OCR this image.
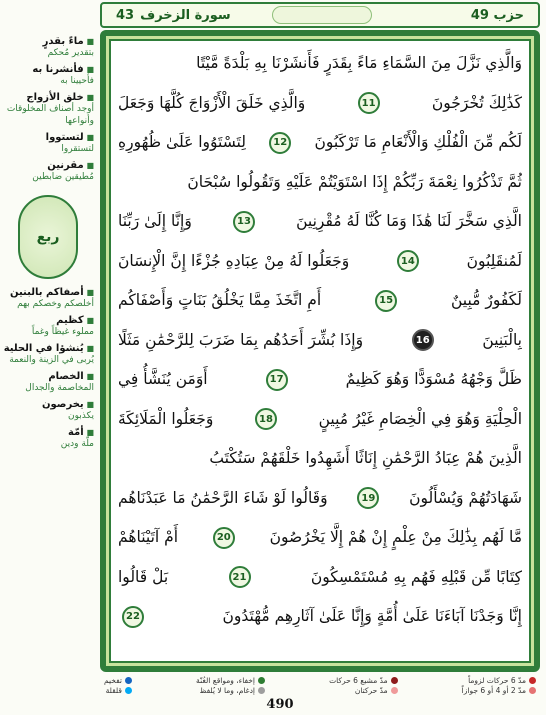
حزب 49
سورة الزخرف
43
■ ماءً بقدرٍ
بتقدير مُحكم
■ فأنشرنا به
فأحيينا به
■ خلق الأزواج
أوجد أصناف المخلوقات وأنواعها
■ لتستووا
لتستقروا
■ مقرنين
مُطيقين ضابطين
ربع
■ أصفاكم بالبنين
أخلصكم وخصكم بهم
■ كظيم
مملوء غيظاً وغماً
■ يُنشؤا في الحلية
يُربى في الزينة والنعمة
■ الخصام
المخاصمة والجدال
■ يخرصون
يكذبون
■ أمّة
ملّة ودين
وَالَّذِي نَزَّلَ مِنَ السَّمَاءِ مَاءً بِقَدَرٍ فَأَنشَرْنَا بِهِ بَلْدَةً مَّيْتًا
كَذَٰلِكَ تُخْرَجُونَ
11
وَالَّذِي خَلَقَ الْأَزْوَاجَ كُلَّهَا وَجَعَلَ
لَكُم مِّنَ الْفُلْكِ وَالْأَنْعَامِ مَا تَرْكَبُونَ
12
لِتَسْتَوُوا عَلَىٰ ظُهُورِهِ
ثُمَّ تَذْكُرُوا نِعْمَةَ رَبِّكُمْ إِذَا اسْتَوَيْتُمْ عَلَيْهِ وَتَقُولُوا سُبْحَانَ
الَّذِي سَخَّرَ لَنَا هَٰذَا وَمَا كُنَّا لَهُ مُقْرِنِينَ
13
وَإِنَّا إِلَىٰ رَبِّنَا
لَمُنقَلِبُونَ
14
وَجَعَلُوا لَهُ مِنْ عِبَادِهِ جُزْءًا إِنَّ الْإِنسَانَ
لَكَفُورٌ مُّبِينٌ
15
أَمِ اتَّخَذَ مِمَّا يَخْلُقُ بَنَاتٍ وَأَصْفَاكُم
بِالْبَنِينَ
16
وَإِذَا بُشِّرَ أَحَدُهُم بِمَا ضَرَبَ لِلرَّحْمَٰنِ مَثَلًا
ظَلَّ وَجْهُهُ مُسْوَدًّا وَهُوَ كَظِيمٌ
17
أَوَمَن يُنَشَّأُ فِي
الْحِلْيَةِ وَهُوَ فِي الْخِصَامِ غَيْرُ مُبِينٍ
18
وَجَعَلُوا الْمَلَائِكَةَ
الَّذِينَ هُمْ عِبَادُ الرَّحْمَٰنِ إِنَاثًا أَشَهِدُوا خَلْقَهُمْ سَتُكْتَبُ
شَهَادَتُهُمْ وَيُسْأَلُونَ
19
وَقَالُوا لَوْ شَاءَ الرَّحْمَٰنُ مَا عَبَدْنَاهُم
مَّا لَهُم بِذَٰلِكَ مِنْ عِلْمٍ إِنْ هُمْ إِلَّا يَخْرُصُونَ
20
أَمْ آتَيْنَاهُمْ
كِتَابًا مِّن قَبْلِهِ فَهُم بِهِ مُسْتَمْسِكُونَ
21
بَلْ قَالُوا
إِنَّا وَجَدْنَا آبَاءَنَا عَلَىٰ أُمَّةٍ وَإِنَّا عَلَىٰ آثَارِهِم مُّهْتَدُونَ
22
مدّ 6 حركات لزوماً
مدّ 2 أو 4 أو 6 جوازاً
مدّ مشبع 6 حركات
مدّ حركتان
إخفاء، ومواقع الغُنّة
إدغام، وما لا يُلفظ
تفخيم
قلقلة
490
